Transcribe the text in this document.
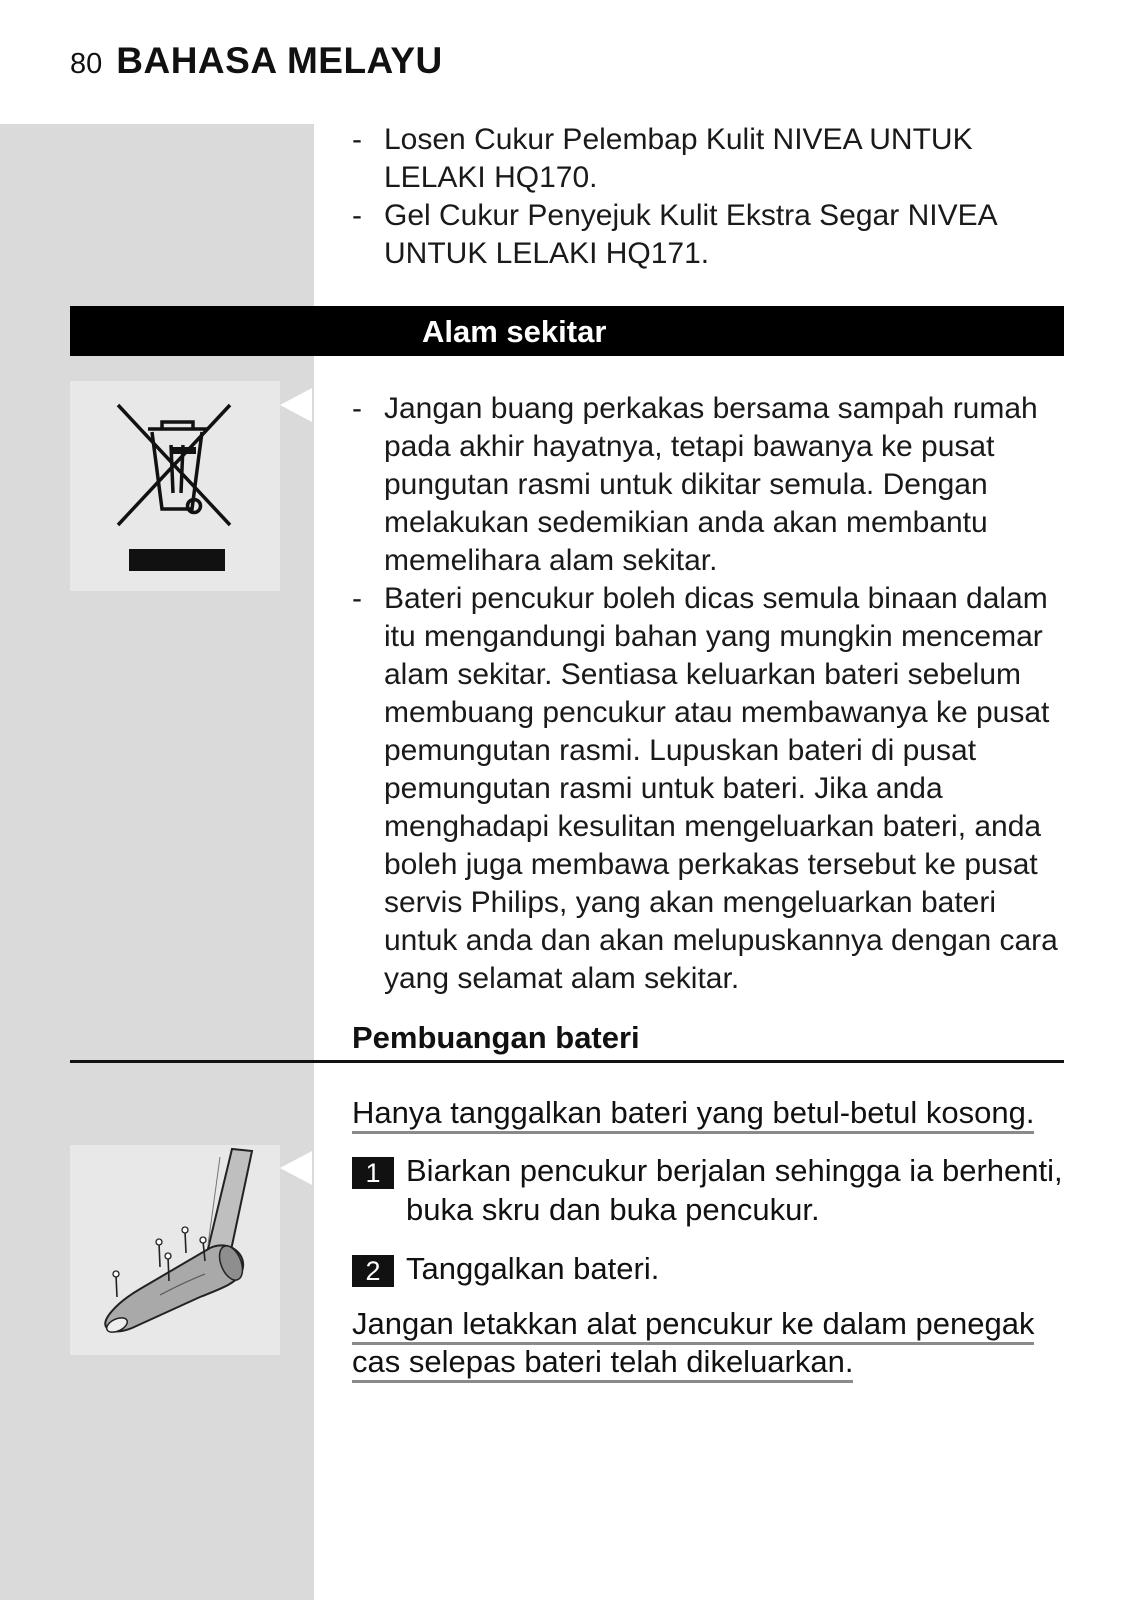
80 BAHASA MELAYU
- Losen Cukur Pelembap Kulit NIVEA UNTUK LELAKI HQ170.
- Gel Cukur Penyejuk Kulit Ekstra Segar NIVEA UNTUK LELAKI HQ171.
Alam sekitar
- Jangan buang perkakas bersama sampah rumah pada akhir hayatnya, tetapi bawanya ke pusat pungutan rasmi untuk dikitar semula. Dengan melakukan sedemikian anda akan membantu memelihara alam sekitar.
- Bateri pencukur boleh dicas semula binaan dalam itu mengandungi bahan yang mungkin mencemar alam sekitar. Sentiasa keluarkan bateri sebelum membuang pencukur atau membawanya ke pusat pemungutan rasmi. Lupuskan bateri di pusat pemungutan rasmi untuk bateri. Jika anda menghadapi kesulitan mengeluarkan bateri, anda boleh juga membawa perkakas tersebut ke pusat servis Philips, yang akan mengeluarkan bateri untuk anda dan akan melupuskannya dengan cara yang selamat alam sekitar.
Pembuangan bateri
Hanya tanggalkan bateri yang betul-betul kosong.
1 Biarkan pencukur berjalan sehingga ia berhenti, buka skru dan buka pencukur.
2 Tanggalkan bateri.
Jangan letakkan alat pencukur ke dalam penegak
cas selepas bateri telah dikeluarkan.
